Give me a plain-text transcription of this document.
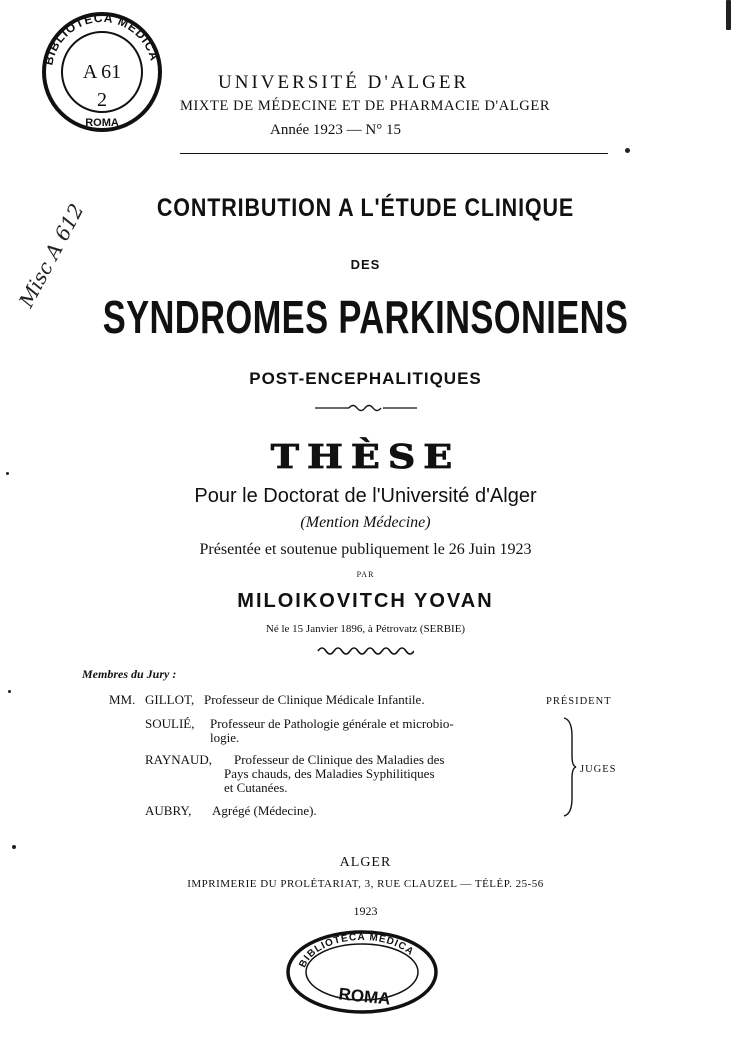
BIBLIOTECA MEDICA
A 61
2
ROMA
Misc A 612
UNIVERSITÉ D'ALGER
MIXTE DE MÉDECINE ET DE PHARMACIE D'ALGER
Année 1923 — N° 15
CONTRIBUTION A L'ÉTUDE CLINIQUE
DES
SYNDROMES PARKINSONIENS
POST-ENCEPHALITIQUES
THÈSE
Pour le Doctorat de l'Université d'Alger
(Mention Médecine)
Présentée et soutenue publiquement le 26 Juin 1923
PAR
MILOIKOVITCH YOVAN
Né le 15 Janvier 1896, à Pétrovatz (SERBIE)
Membres du Jury :
MM. GILLOT, Professeur de Clinique Médicale Infantile.	PRÉSIDENT
SOULIÉ, Professeur de Pathologie générale et microbio-
logie.
RAYNAUD, Professeur de Clinique des Maladies des
Pays chauds, des Maladies Syphilitiques
et Cutanées.
AUBRY, Agrégé (Médecine).
JUGES
ALGER
IMPRIMERIE DU PROLÉTARIAT, 3, RUE CLAUZEL — TÉLÉP. 25-56
1923
BIBLIOTECA MEDICA
ROMA
